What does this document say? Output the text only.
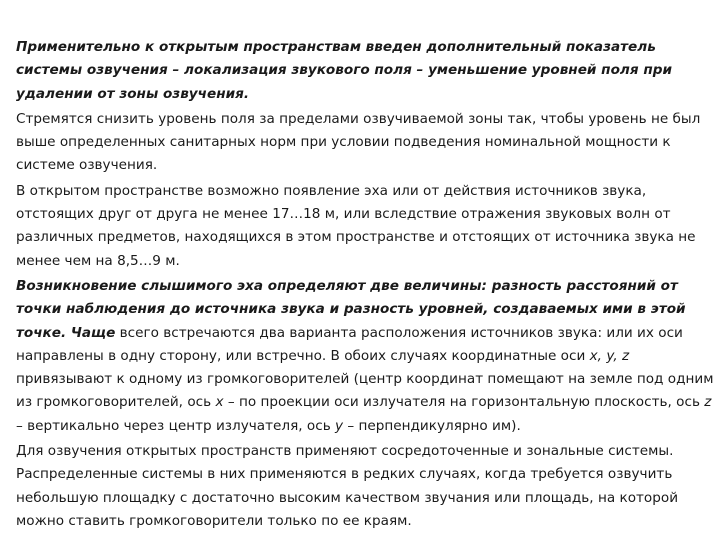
Применительно к открытым пространствам введен дополнительный показатель системы озвучения – локализация звукового поля – уменьшение уровней поля при удалении от зоны озвучения.

Стремятся снизить уровень поля за пределами озвучиваемой зоны так, чтобы уровень не был выше определенных санитарных норм при условии подведения номинальной мощности к системе озвучения.

В открытом пространстве возможно появление эха или от действия источников звука, отстоящих друг от друга не менее 17…18 м, или вследствие отражения звуковых волн от различных предметов, находящихся в этом пространстве и отстоящих от источника звука не менее чем на 8,5…9 м.

Возникновение слышимого эха определяют две величины: разность расстояний от точки наблюдения до источника звука и разность уровней, создаваемых ими в этой точке. Чаще всего встречаются два варианта расположения источников звука: или их оси направлены в одну сторону, или встречно. В обоих случаях координатные оси x, y, z привязывают к одному из громкоговорителей (центр координат помещают на земле под одним из громкоговорителей, ось x – по проекции оси излучателя на горизонтальную плоскость, ось z – вертикально через центр излучателя, ось y – перпендикулярно им).

Для озвучения открытых пространств применяют сосредоточенные и зональные системы. Распределенные системы в них применяются в редких случаях, когда требуется озвучить небольшую площадку с достаточно высоким качеством звучания или площадь, на которой можно ставить громкоговорители только по ее краям.
